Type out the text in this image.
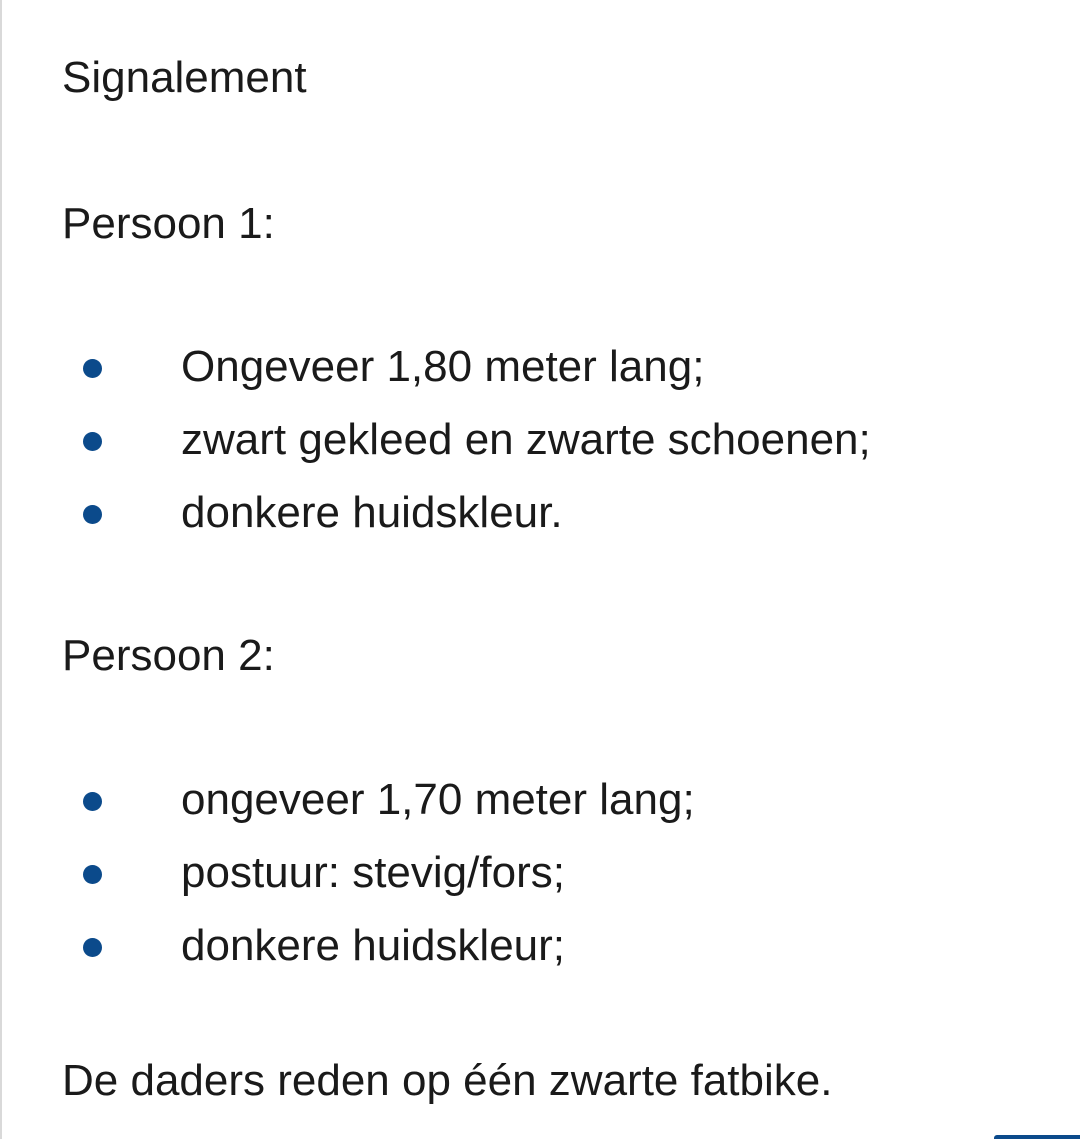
Signalement
Persoon 1:
Ongeveer 1,80 meter lang;
zwart gekleed en zwarte schoenen;
donkere huidskleur.
Persoon 2:
ongeveer 1,70 meter lang;
postuur: stevig/fors;
donkere huidskleur;
De daders reden op één zwarte fatbike.
